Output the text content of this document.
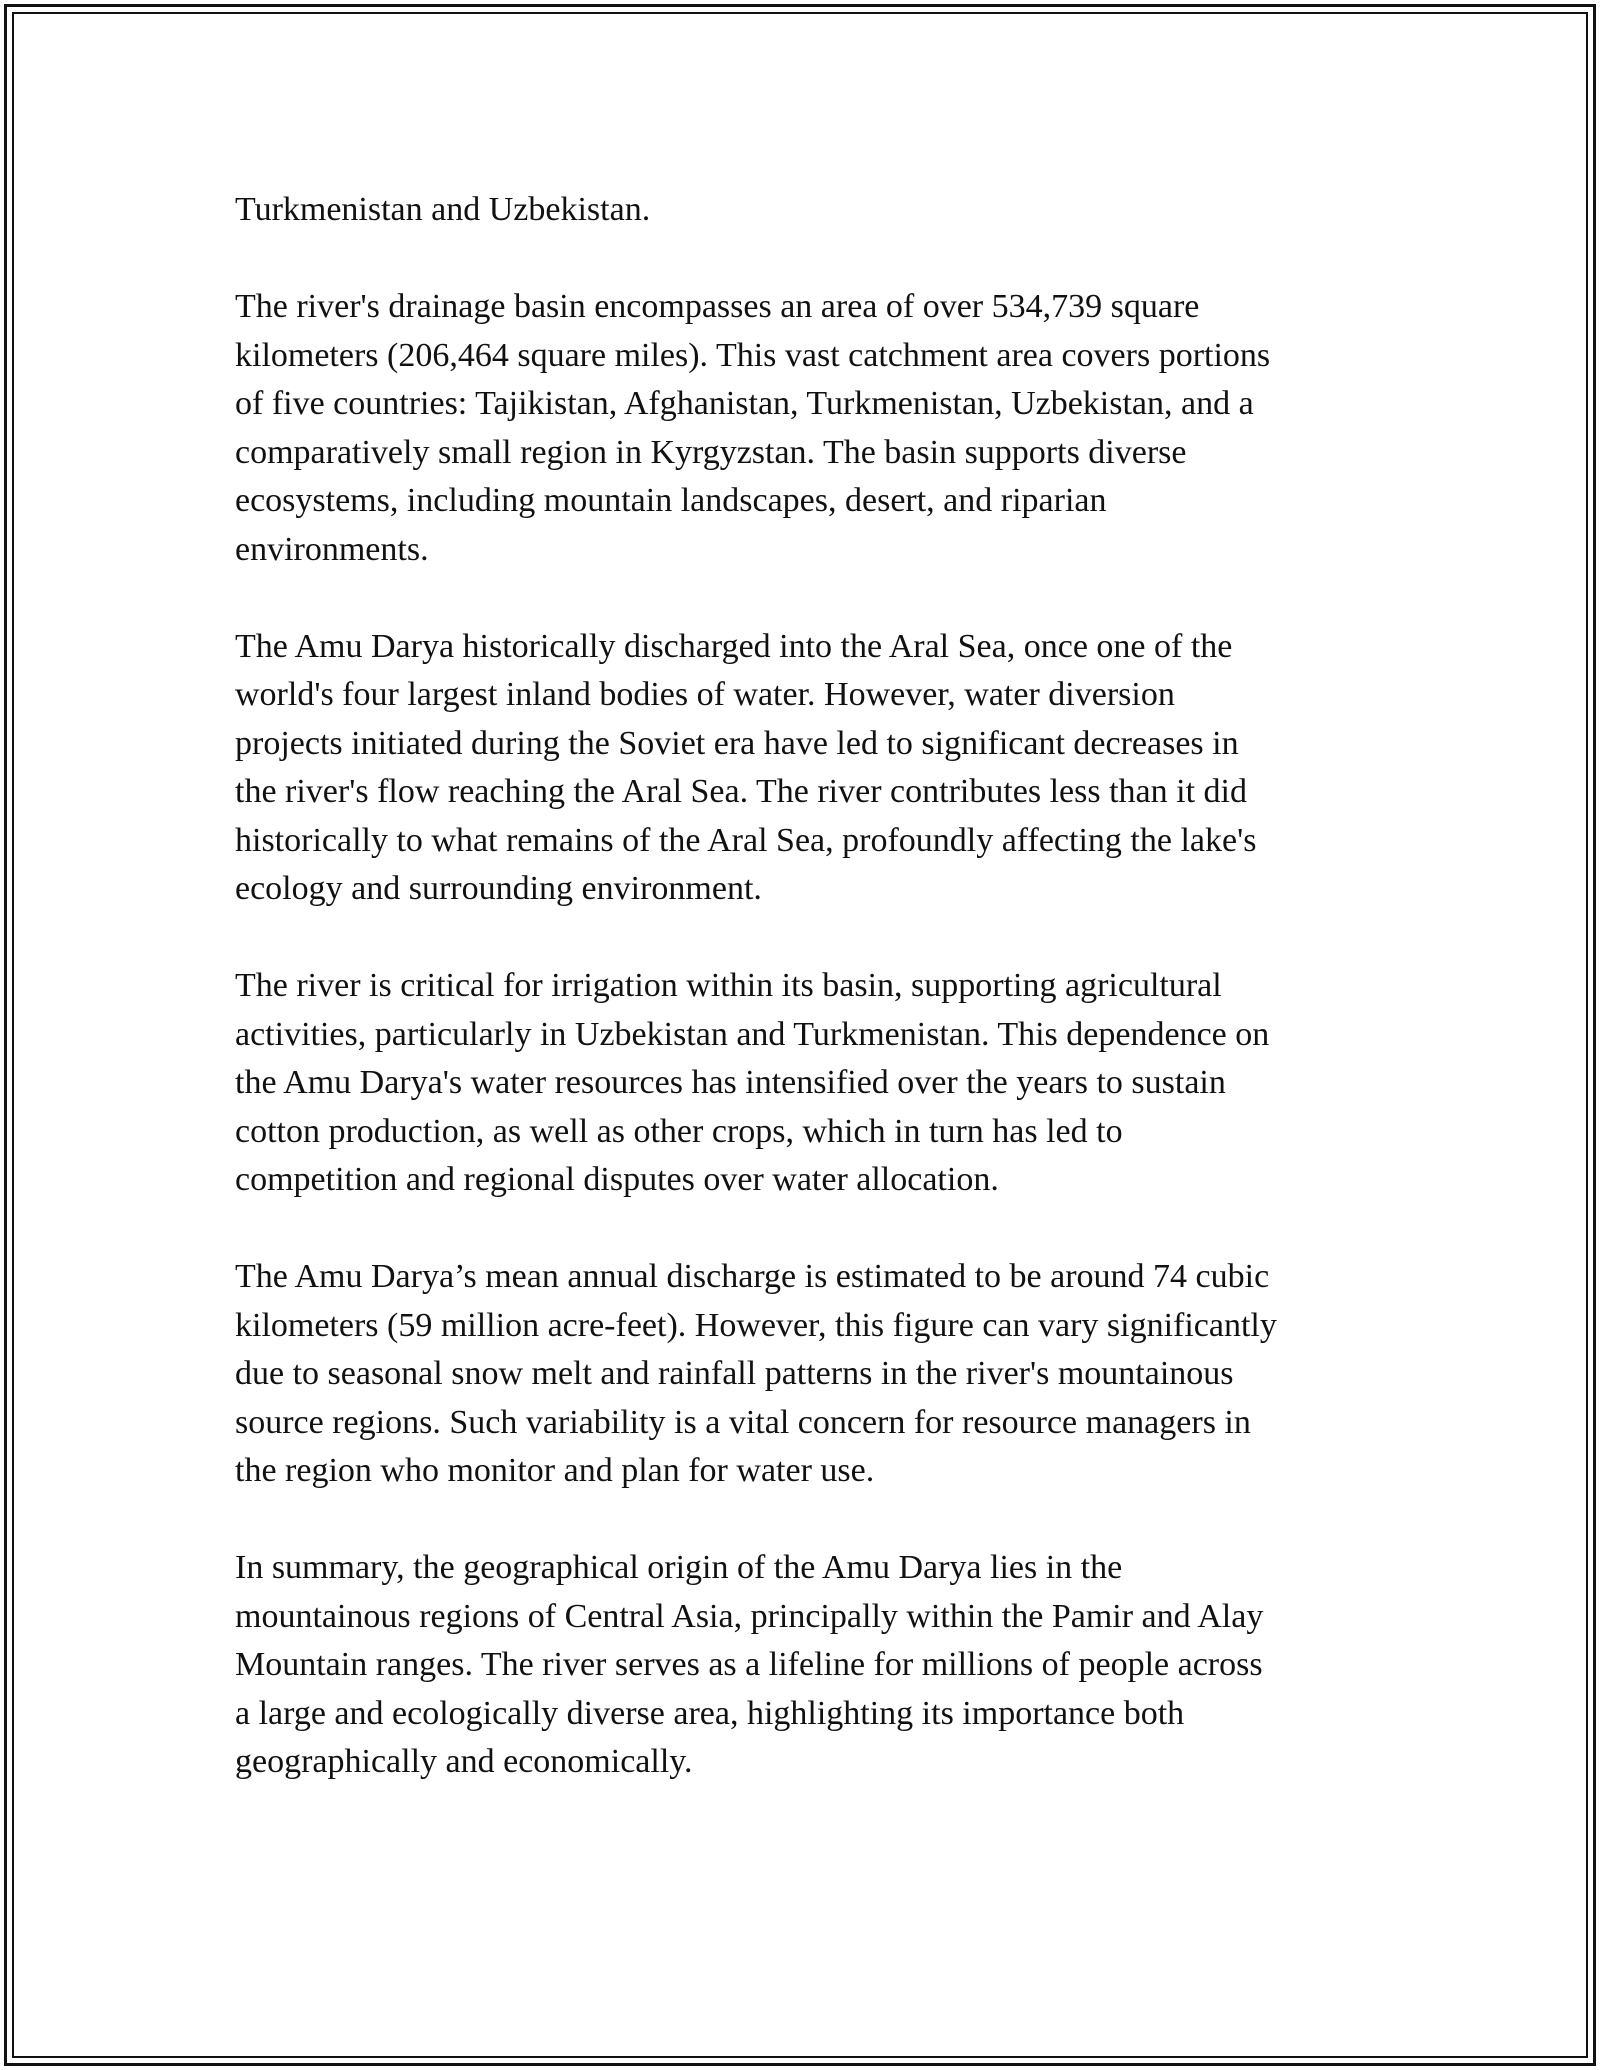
Turkmenistan and Uzbekistan.

The river's drainage basin encompasses an area of over 534,739 square
kilometers (206,464 square miles). This vast catchment area covers portions
of five countries: Tajikistan, Afghanistan, Turkmenistan, Uzbekistan, and a
comparatively small region in Kyrgyzstan. The basin supports diverse
ecosystems, including mountain landscapes, desert, and riparian
environments.

The Amu Darya historically discharged into the Aral Sea, once one of the
world's four largest inland bodies of water. However, water diversion
projects initiated during the Soviet era have led to significant decreases in
the river's flow reaching the Aral Sea. The river contributes less than it did
historically to what remains of the Aral Sea, profoundly affecting the lake's
ecology and surrounding environment.

The river is critical for irrigation within its basin, supporting agricultural
activities, particularly in Uzbekistan and Turkmenistan. This dependence on
the Amu Darya's water resources has intensified over the years to sustain
cotton production, as well as other crops, which in turn has led to
competition and regional disputes over water allocation.

The Amu Darya’s mean annual discharge is estimated to be around 74 cubic
kilometers (59 million acre-feet). However, this figure can vary significantly
due to seasonal snow melt and rainfall patterns in the river's mountainous
source regions. Such variability is a vital concern for resource managers in
the region who monitor and plan for water use.

In summary, the geographical origin of the Amu Darya lies in the
mountainous regions of Central Asia, principally within the Pamir and Alay
Mountain ranges. The river serves as a lifeline for millions of people across
a large and ecologically diverse area, highlighting its importance both
geographically and economically.
